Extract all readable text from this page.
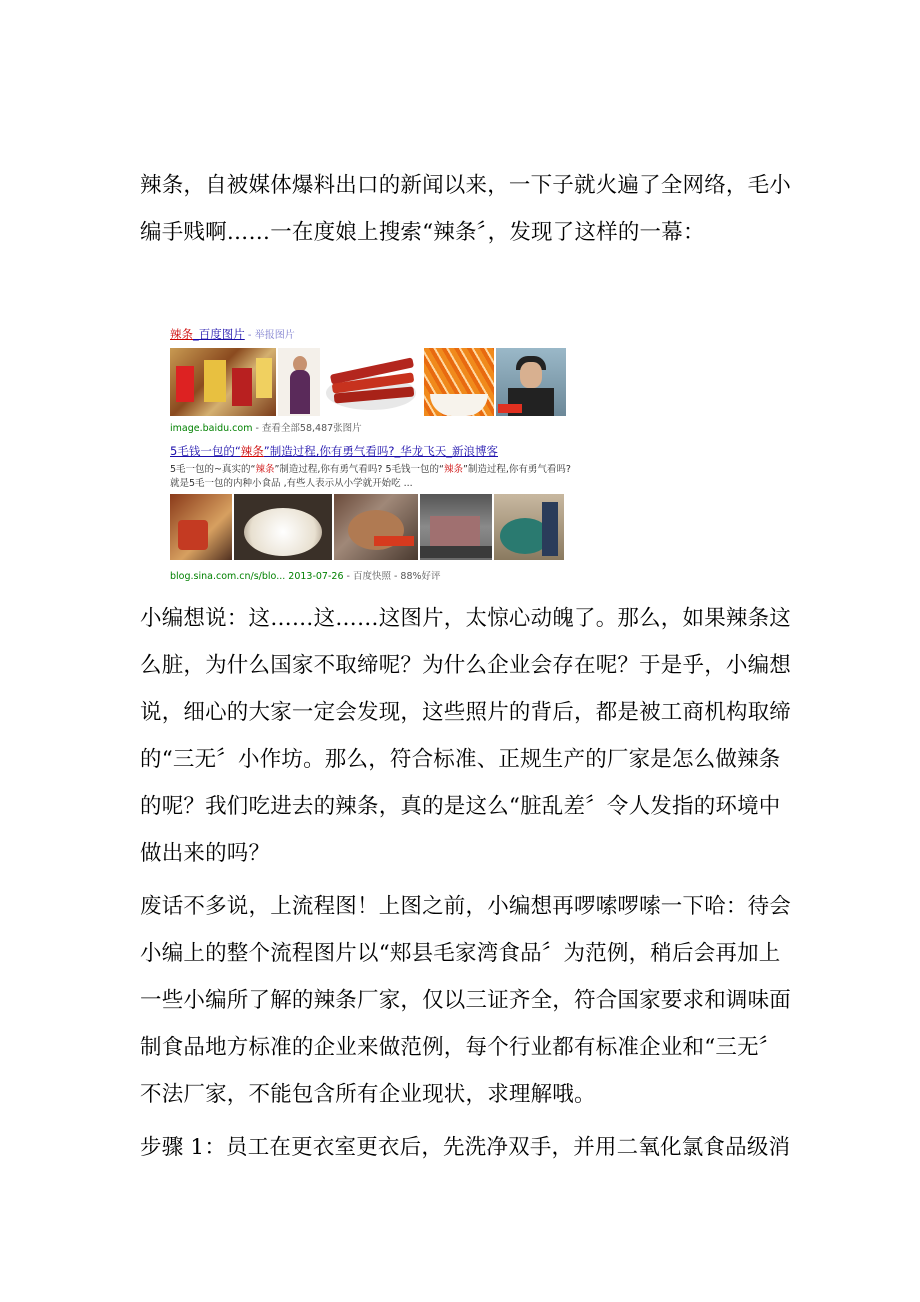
辣条，自被媒体爆料出口的新闻以来，一下子就火遍了全网络，毛小编手贱啊……一在度娘上搜索“辣条〞，发现了这样的一幕：

辣条_百度图片 - 举报图片
image.baidu.com - 查看全部58,487张图片
5毛钱一包的“辣条”制造过程,你有勇气看吗?_华龙飞天_新浪博客
5毛一包的~真实的“辣条”制造过程,你有勇气看吗? 5毛钱一包的“辣条”制造过程,你有勇气看吗?
就是5毛一包的内种小食品 ,有些人表示从小学就开始吃 ...
blog.sina.com.cn/s/blo... 2013-07-26 - 百度快照 - 88%好评

小编想说：这……这……这图片，太惊心动魄了。那么，如果辣条这么脏，为什么国家不取缔呢？为什么企业会存在呢？于是乎，小编想说，细心的大家一定会发现，这些照片的背后，都是被工商机构取缔的“三无〞小作坊。那么，符合标准、正规生产的厂家是怎么做辣条的呢？我们吃进去的辣条，真的是这么“脏乱差〞令人发指的环境中做出来的吗？

废话不多说，上流程图！上图之前，小编想再啰嗦啰嗦一下哈：待会小编上的整个流程图片以“郏县毛家湾食品〞为范例，稍后会再加上一些小编所了解的辣条厂家，仅以三证齐全，符合国家要求和调味面制食品地方标准的企业来做范例，每个行业都有标准企业和“三无〞不法厂家，不能包含所有企业现状，求理解哦。

步骤 1：员工在更衣室更衣后，先洗净双手，并用二氧化氯食品级消
